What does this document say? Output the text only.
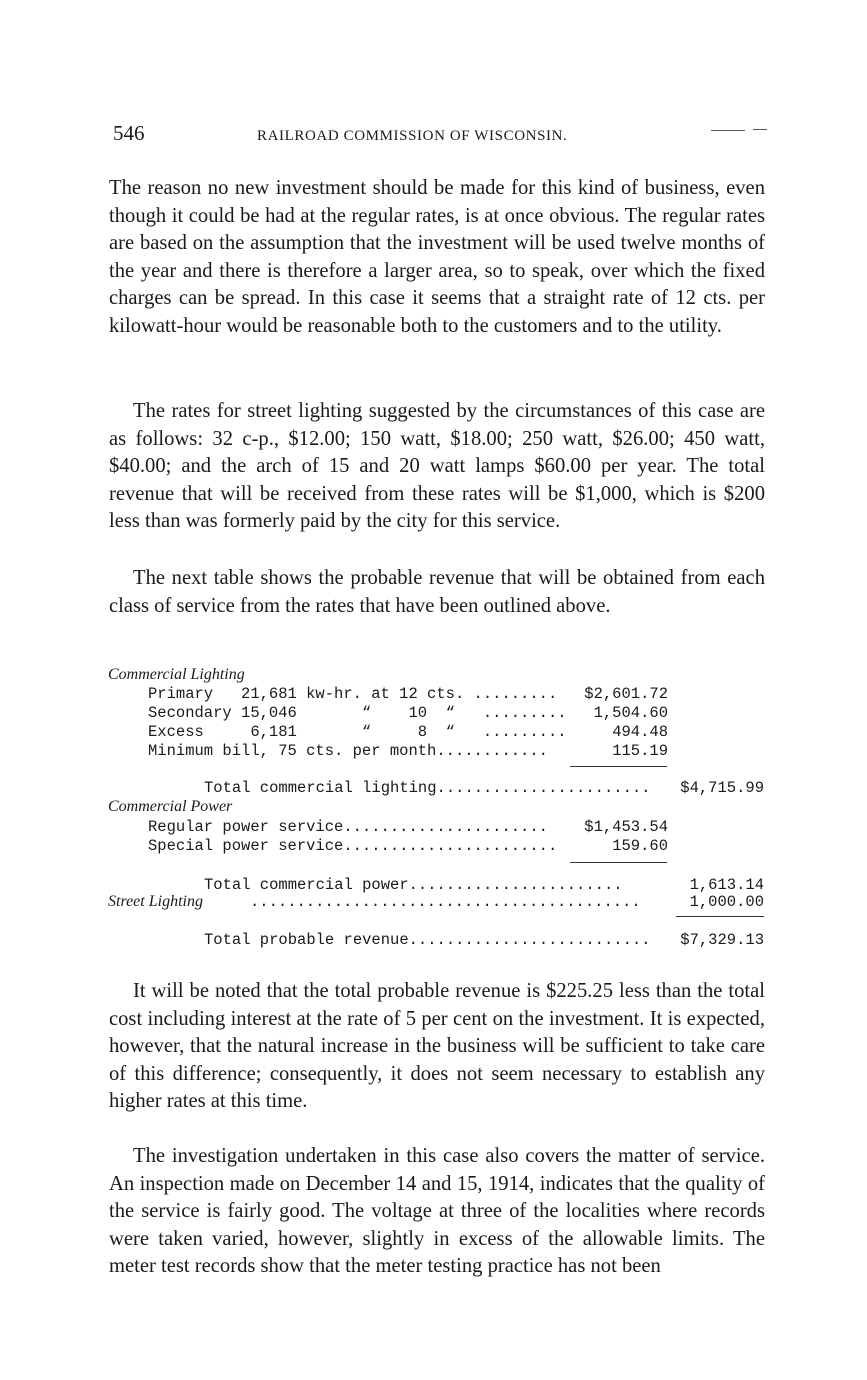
546	RAILROAD COMMISSION OF WISCONSIN.

The reason no new investment should be made for this kind of business, even though it could be had at the regular rates, is at once obvious. The regular rates are based on the assumption that the investment will be used twelve months of the year and there is therefore a larger area, so to speak, over which the fixed charges can be spread. In this case it seems that a straight rate of 12 cts. per kilowatt-hour would be reasonable both to the customers and to the utility.

The rates for street lighting suggested by the circumstances of this case are as follows: 32 c-p., $12.00; 150 watt, $18.00; 250 watt, $26.00; 450 watt, $40.00; and the arch of 15 and 20 watt lamps $60.00 per year. The total revenue that will be received from these rates will be $1,000, which is $200 less than was formerly paid by the city for this service.

The next table shows the probable revenue that will be obtained from each class of service from the rates that have been outlined above.

Commercial Lighting
Primary   21,681 kw-hr. at 12 cts. ......... $2,601.72
Secondary 15,046       “    10  “   ......... 1,504.60
Excess     6,181       “     8  “   .........	494.48
Minimum bill, 75 cts. per month............	115.19
Total commercial lighting....................... $4,715.99
Commercial Power
Regular power service...................... $1,453.54
Special power service.......................	159.60
Total commercial power.......................	1,613.14
Street Lighting	..........................................	1,000.00
Total probable revenue.......................... $7,329.13

It will be noted that the total probable revenue is $225.25 less than the total cost including interest at the rate of 5 per cent on the investment. It is expected, however, that the natural increase in the business will be sufficient to take care of this difference; consequently, it does not seem necessary to establish any higher rates at this time.

The investigation undertaken in this case also covers the matter of service. An inspection made on December 14 and 15, 1914, indicates that the quality of the service is fairly good. The voltage at three of the localities where records were taken varied, however, slightly in excess of the allowable limits. The meter test records show that the meter testing practice has not been
